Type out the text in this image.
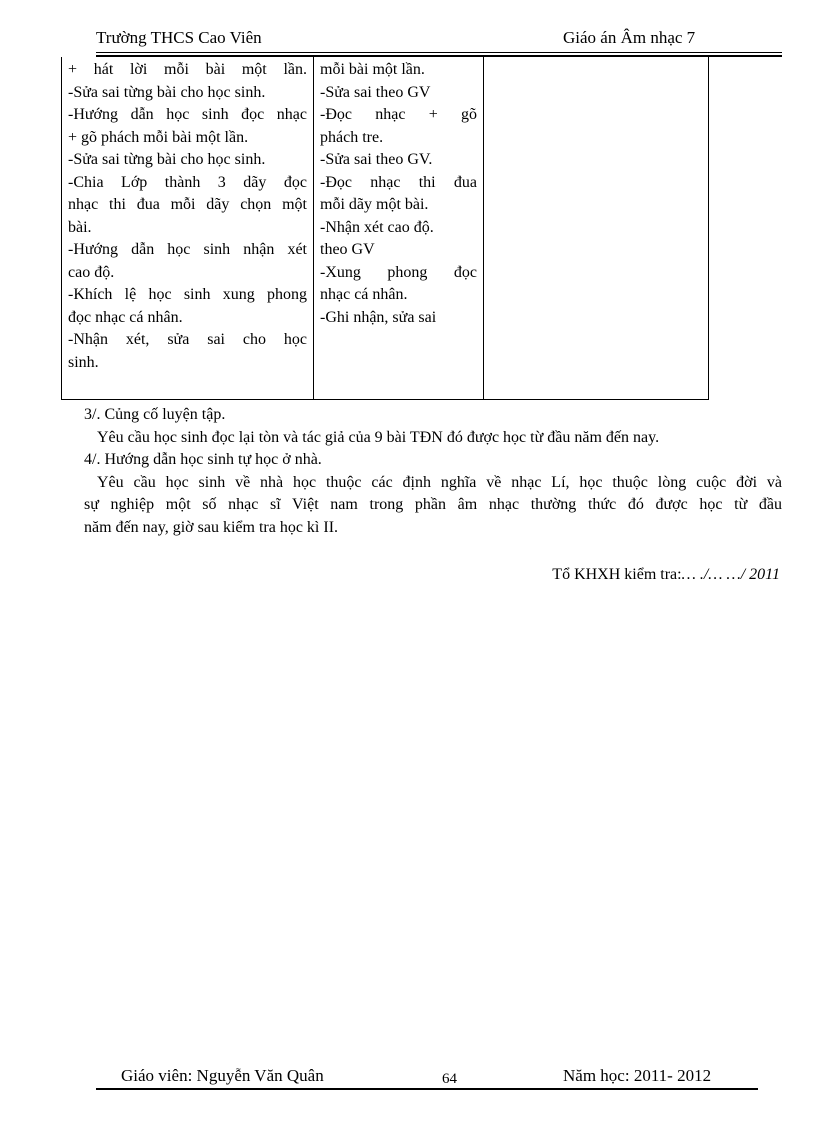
Trường THCS Cao Viên	Giáo án Âm nhạc 7
+ hát lời mỗi bài một lần.
-Sửa sai từng bài cho học sinh.
-Hướng dẫn học sinh đọc nhạc
+ gõ phách mỗi bài một lần.
-Sửa sai từng bài cho học sinh.
-Chia Lớp thành 3 dãy đọc
nhạc thi đua mỗi dãy chọn một
bài.
-Hướng dẫn học sinh nhận xét
cao độ.
-Khích lệ học sinh xung phong
đọc nhạc cá nhân.
-Nhận xét, sửa sai cho học
sinh.

mỗi bài một lần.
-Sửa sai theo GV
-Đọc nhạc + gõ
phách tre.
-Sửa sai theo GV.
-Đọc nhạc thi đua
mỗi dãy một bài.
-Nhận xét cao độ.
theo GV
-Xung phong đọc
nhạc cá nhân.
-Ghi nhận, sửa sai

3/. Củng cố luyện tập.

Yêu cầu học sinh đọc lại tòn và tác giả của 9 bài TĐN đó được học từ đầu năm đến nay.

4/. Hướng dẫn học sinh tự học ở nhà.

Yêu cầu học sinh về nhà học thuộc các định nghĩa về nhạc Lí, học thuộc lòng cuộc đời và

sự nghiệp một số nhạc sĩ Việt nam trong phần âm nhạc thường thức đó được học từ đầu

năm đến nay, giờ sau kiểm tra học kì II.

Tổ KHXH kiểm tra:… ./… …/ 2011
Giáo viên: Nguyễn Văn Quân	64	Năm học: 2011- 2012
